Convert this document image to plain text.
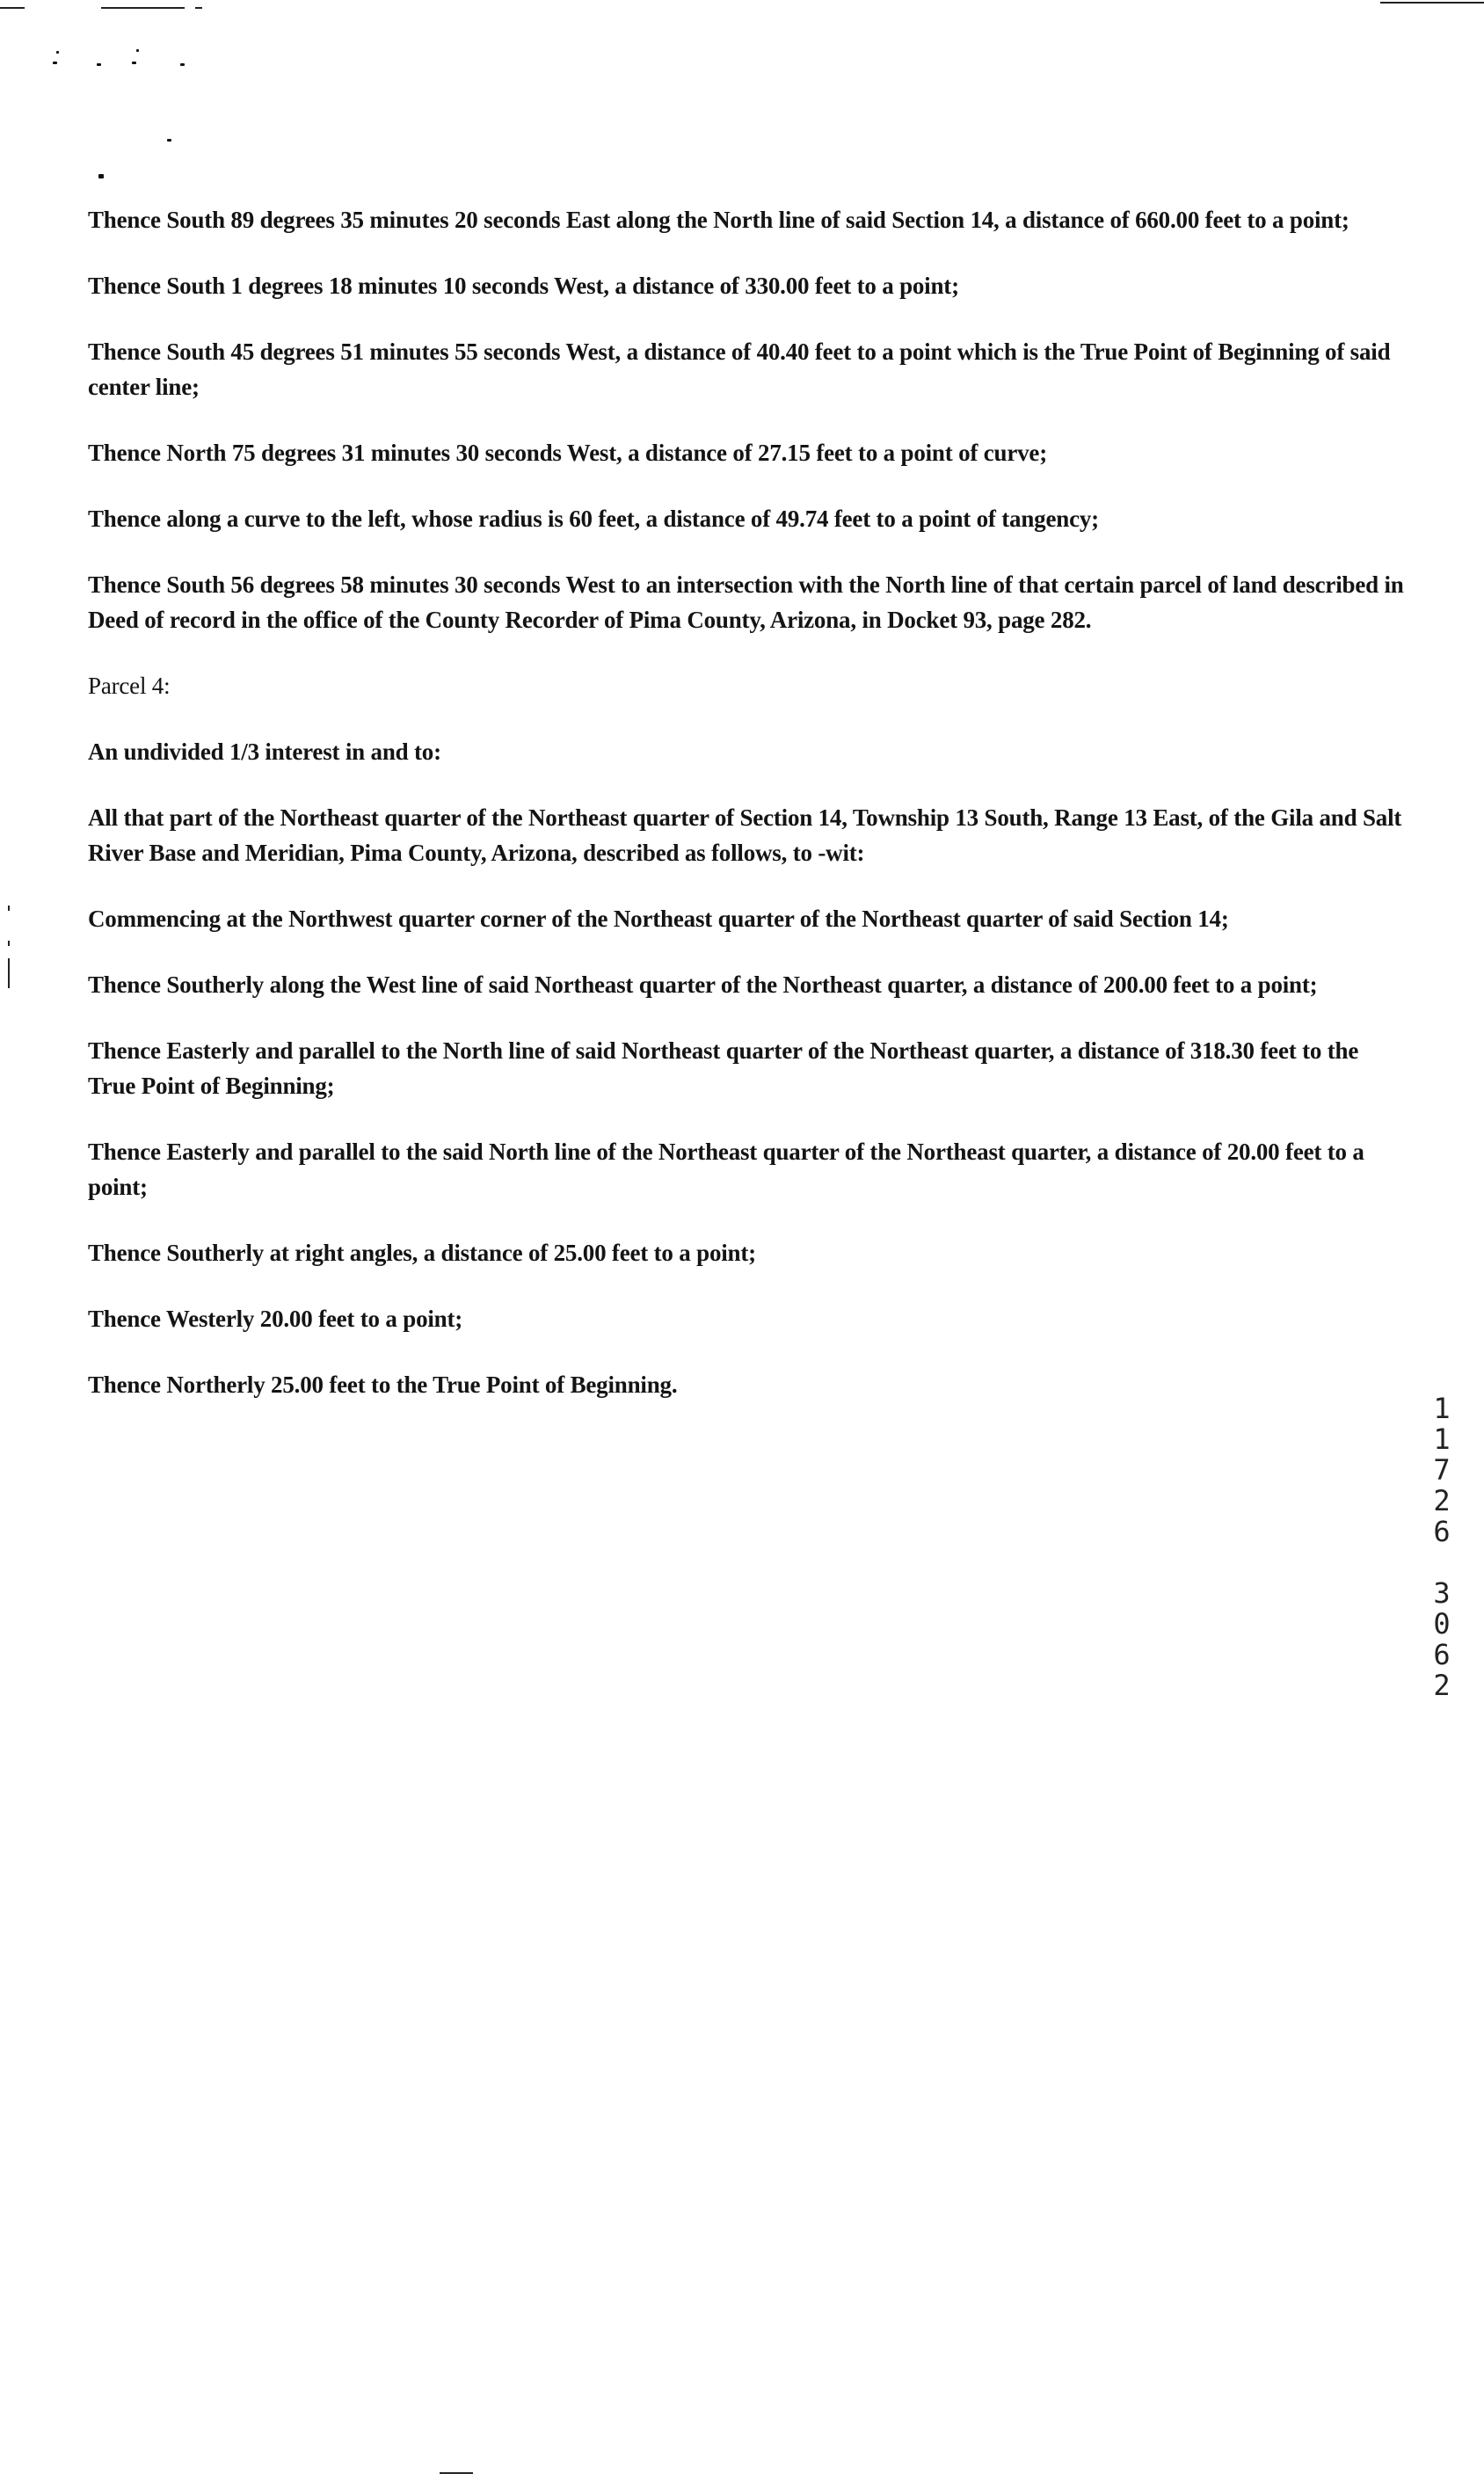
Thence South 89 degrees 35 minutes 20 seconds East along the North line of said Section 14, a distance of 660.00 feet to a point;

Thence South 1 degrees 18 minutes 10 seconds West, a distance of 330.00 feet to a point;

Thence South 45 degrees 51 minutes 55 seconds West, a distance of 40.40 feet to a point which is the True Point of Beginning of said center line;

Thence North 75 degrees 31 minutes 30 seconds West, a distance of 27.15 feet to a point of curve;

Thence along a curve to the left, whose radius is 60 feet, a distance of 49.74 feet to a point of tangency;

Thence South 56 degrees 58 minutes 30 seconds West to an intersection with the North line of that certain parcel of land described in Deed of record in the office of the County Recorder of Pima County, Arizona, in Docket 93, page 282.

Parcel 4:

An undivided 1/3 interest in and to:

All that part of the Northeast quarter of the Northeast quarter of Section 14, Township 13 South, Range 13 East, of the Gila and Salt River Base and Meridian, Pima County, Arizona, described as follows, to -wit:

Commencing at the Northwest quarter corner of the Northeast quarter of the Northeast quarter of said Section 14;

Thence Southerly along the West line of said Northeast quarter of the Northeast quarter, a distance of 200.00 feet to a point;

Thence Easterly and parallel to the North line of said Northeast quarter of the Northeast quarter, a distance of 318.30 feet to the True Point of Beginning;

Thence Easterly and parallel to the said North line of the Northeast quarter of the Northeast quarter, a distance of 20.00 feet to a point;

Thence Southerly at right angles, a distance of 25.00 feet to a point;

Thence Westerly 20.00 feet to a point;

Thence Northerly 25.00 feet to the True Point of Beginning.

1
1
7
2
6
3
0
6
2
